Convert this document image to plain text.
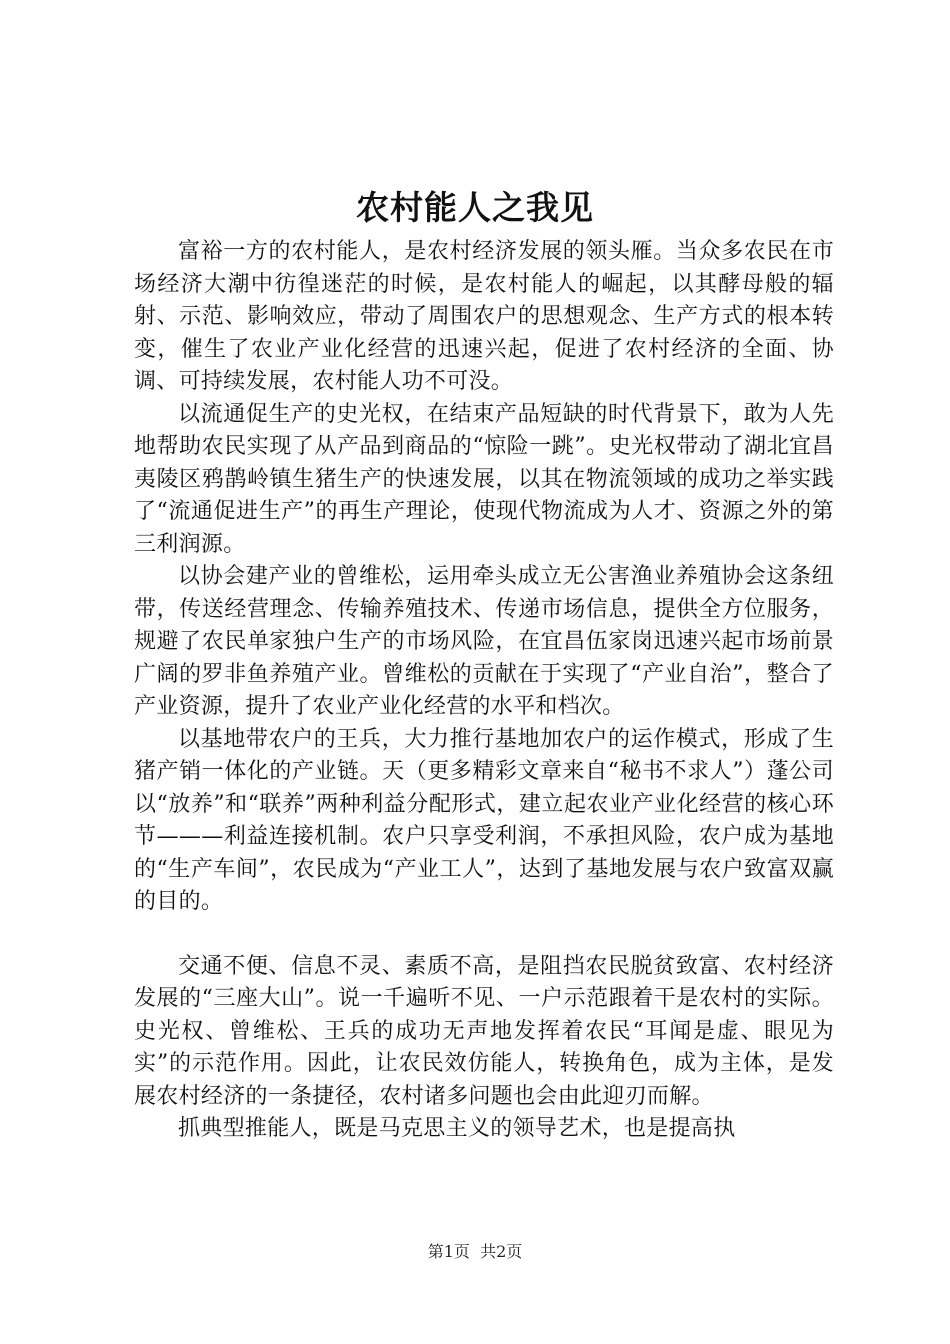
农村能人之我见

富裕一方的农村能人，是农村经济发展的领头雁。当众多农民在市场经济大潮中彷徨迷茫的时候，是农村能人的崛起，以其酵母般的辐射、示范、影响效应，带动了周围农户的思想观念、生产方式的根本转变，催生了农业产业化经营的迅速兴起，促进了农村经济的全面、协调、可持续发展，农村能人功不可没。

以流通促生产的史光权，在结束产品短缺的时代背景下，敢为人先地帮助农民实现了从产品到商品的“惊险一跳”。史光权带动了湖北宜昌夷陵区鸦鹊岭镇生猪生产的快速发展，以其在物流领域的成功之举实践了“流通促进生产”的再生产理论，使现代物流成为人才、资源之外的第三利润源。

以协会建产业的曾维松，运用牵头成立无公害渔业养殖协会这条纽带，传送经营理念、传输养殖技术、传递市场信息，提供全方位服务，规避了农民单家独户生产的市场风险，在宜昌伍家岗迅速兴起市场前景广阔的罗非鱼养殖产业。曾维松的贡献在于实现了“产业自治”，整合了产业资源，提升了农业产业化经营的水平和档次。

以基地带农户的王兵，大力推行基地加农户的运作模式，形成了生猪产销一体化的产业链。天（更多精彩文章来自“秘书不求人”）蓬公司以“放养”和“联养”两种利益分配形式，建立起农业产业化经营的核心环节———利益连接机制。农户只享受利润，不承担风险，农户成为基地的“生产车间”，农民成为“产业工人”，达到了基地发展与农户致富双赢的目的。

交通不便、信息不灵、素质不高，是阻挡农民脱贫致富、农村经济发展的“三座大山”。说一千遍听不见、一户示范跟着干是农村的实际。史光权、曾维松、王兵的成功无声地发挥着农民“耳闻是虚、眼见为实”的示范作用。因此，让农民效仿能人，转换角色，成为主体，是发展农村经济的一条捷径，农村诸多问题也会由此迎刃而解。

抓典型推能人，既是马克思主义的领导艺术，也是提高执

第1页  共2页
